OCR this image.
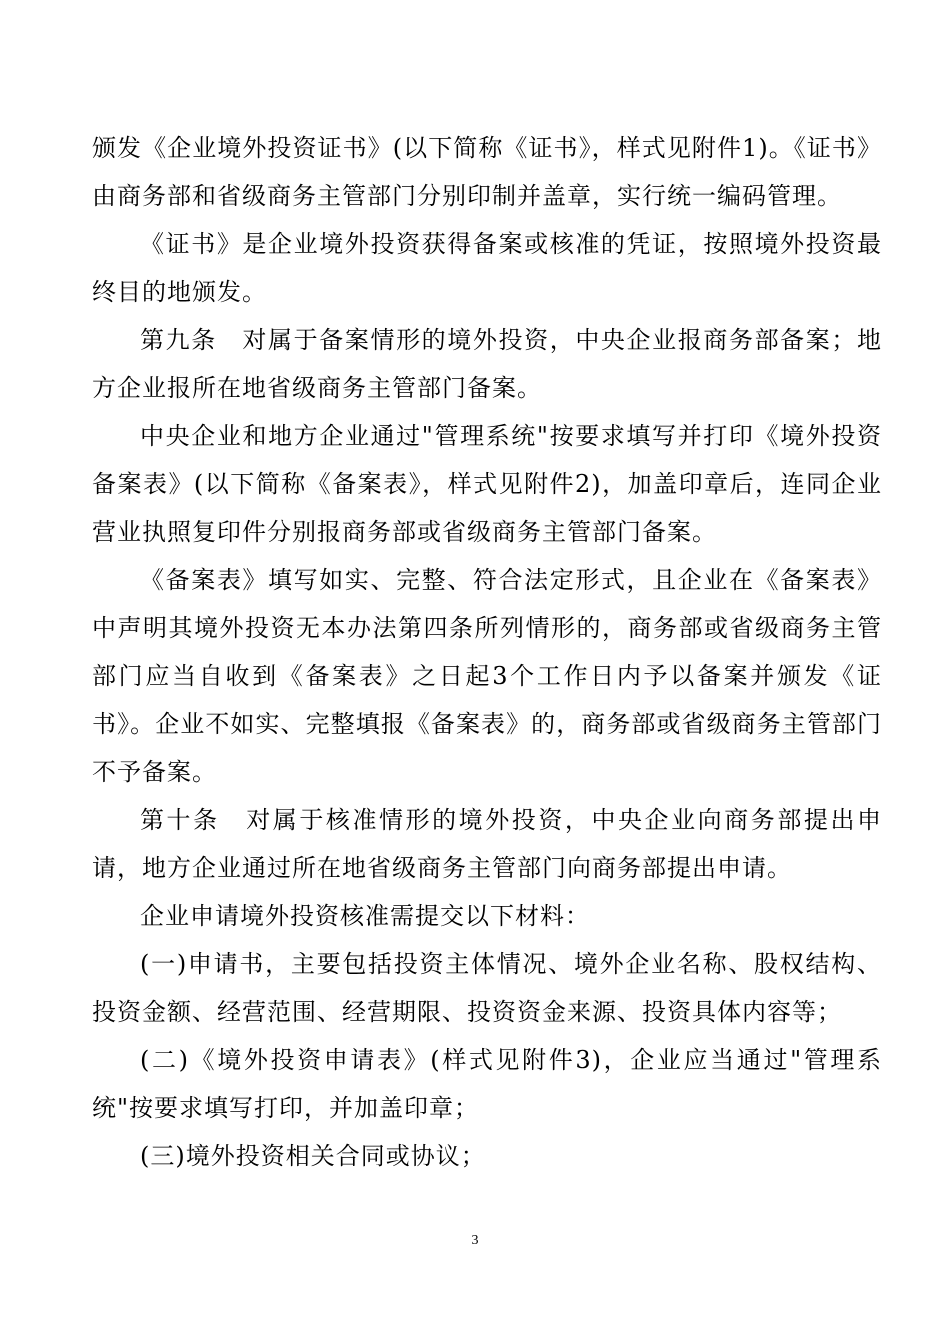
颁发《企业境外投资证书》(以下简称《证书》，样式见附件1)。《证书》由商务部和省级商务主管部门分别印制并盖章，实行统一编码管理。

《证书》是企业境外投资获得备案或核准的凭证，按照境外投资最终目的地颁发。

第九条　对属于备案情形的境外投资，中央企业报商务部备案；地方企业报所在地省级商务主管部门备案。

中央企业和地方企业通过"管理系统"按要求填写并打印《境外投资备案表》(以下简称《备案表》，样式见附件2)，加盖印章后，连同企业营业执照复印件分别报商务部或省级商务主管部门备案。

《备案表》填写如实、完整、符合法定形式，且企业在《备案表》中声明其境外投资无本办法第四条所列情形的，商务部或省级商务主管部门应当自收到《备案表》之日起3个工作日内予以备案并颁发《证书》。企业不如实、完整填报《备案表》的，商务部或省级商务主管部门不予备案。

第十条　对属于核准情形的境外投资，中央企业向商务部提出申请，地方企业通过所在地省级商务主管部门向商务部提出申请。

企业申请境外投资核准需提交以下材料：

(一)申请书，主要包括投资主体情况、境外企业名称、股权结构、投资金额、经营范围、经营期限、投资资金来源、投资具体内容等；

(二)《境外投资申请表》(样式见附件3)，企业应当通过"管理系统"按要求填写打印，并加盖印章；

(三)境外投资相关合同或协议；

3
